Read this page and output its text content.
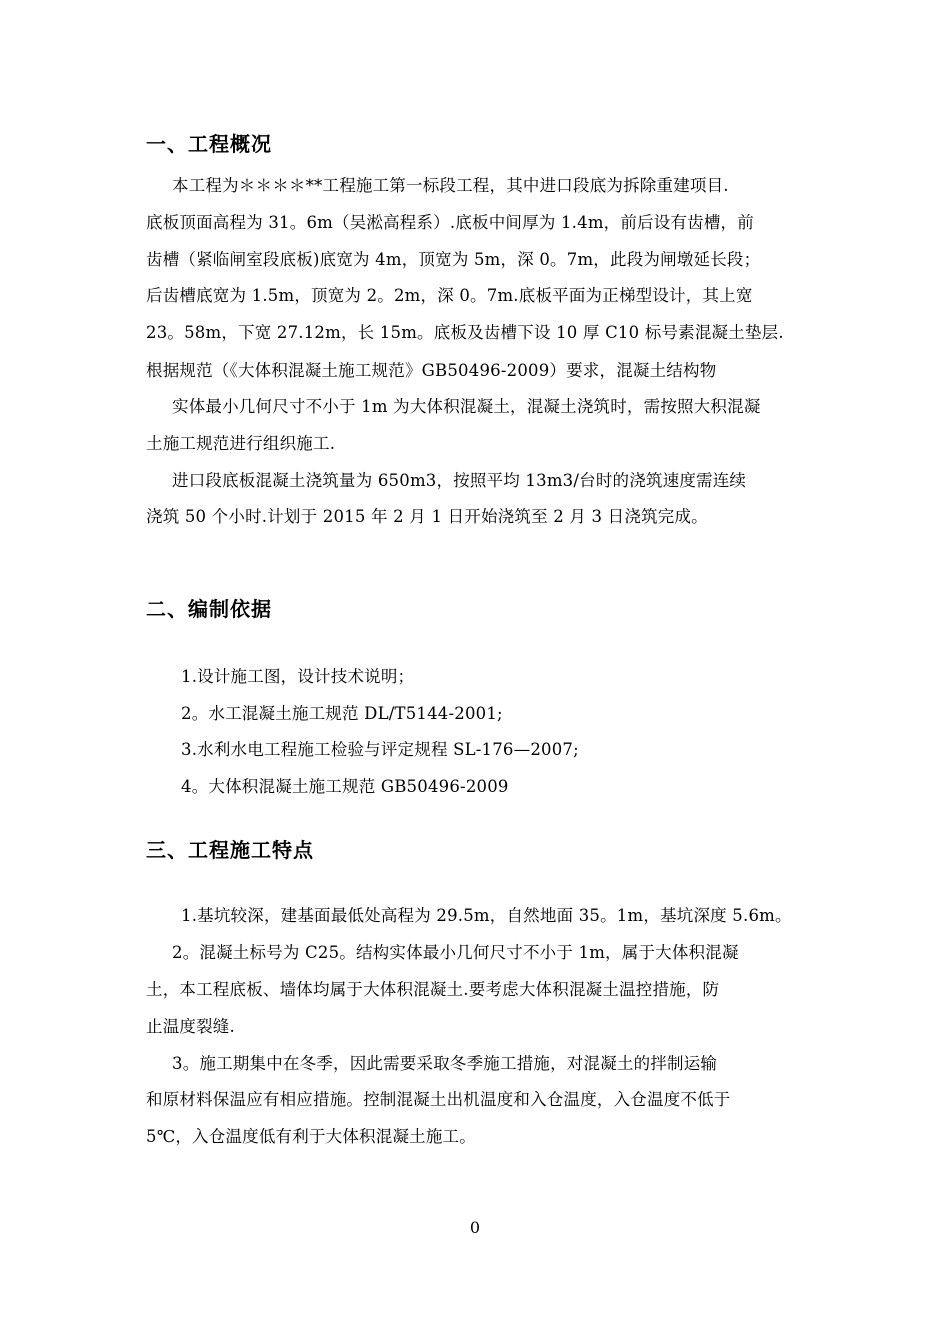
一、工程概况
本工程为＊＊＊＊**工程施工第一标段工程，其中进口段底为拆除重建项目.
底板顶面高程为 31。6m（吴淞高程系）.底板中间厚为 1.4m，前后设有齿槽，前
齿槽（紧临闸室段底板)底宽为 4m，顶宽为 5m，深 0。7m，此段为闸墩延长段；
后齿槽底宽为 1.5m，顶宽为 2。2m，深 0。7m.底板平面为正梯型设计，其上宽
23。58m，下宽 27.12m，长 15m。底板及齿槽下设 10 厚 C10 标号素混凝土垫层.
根据规范（《大体积混凝土施工规范》GB50496-2009）要求，混凝土结构物
实体最小几何尺寸不小于 1m 为大体积混凝土，混凝土浇筑时，需按照大积混凝
土施工规范进行组织施工.
进口段底板混凝土浇筑量为 650m3，按照平均 13m3/台时的浇筑速度需连续
浇筑 50 个小时.计划于 2015 年 2 月 1 日开始浇筑至 2 月 3 日浇筑完成。
二、编制依据
1.设计施工图，设计技术说明；
2。水工混凝土施工规范 DL/T5144-2001;
3.水利水电工程施工检验与评定规程 SL-176—2007;
4。大体积混凝土施工规范 GB50496-2009
三、工程施工特点
1.基坑较深，建基面最低处高程为 29.5m，自然地面 35。1m，基坑深度 5.6m。
2。混凝土标号为 C25。结构实体最小几何尺寸不小于 1m，属于大体积混凝
土，本工程底板、墙体均属于大体积混凝土.要考虑大体积混凝土温控措施，防
止温度裂缝.
3。施工期集中在冬季，因此需要采取冬季施工措施，对混凝土的拌制运输
和原材料保温应有相应措施。控制混凝土出机温度和入仓温度，入仓温度不低于
5℃，入仓温度低有利于大体积混凝土施工。
0
